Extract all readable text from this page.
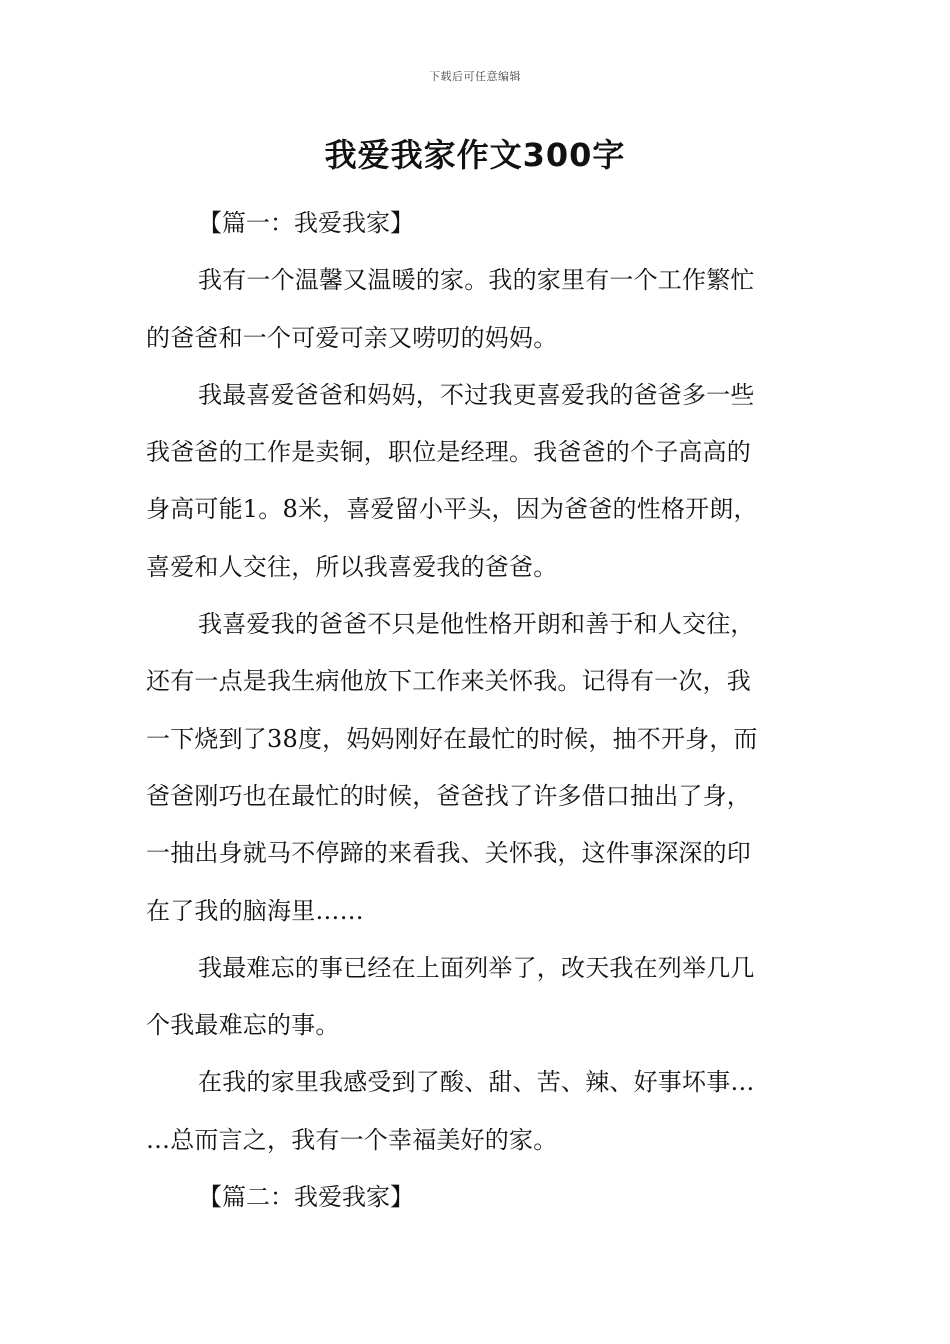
下载后可任意编辑
我爱我家作文300字
【篇一：我爱我家】
我有一个温馨又温暖的家。我的家里有一个工作繁忙
的爸爸和一个可爱可亲又唠叨的妈妈。
我最喜爱爸爸和妈妈，不过我更喜爱我的爸爸多一些
我爸爸的工作是卖铜，职位是经理。我爸爸的个子高高的
身高可能1。8米，喜爱留小平头，因为爸爸的性格开朗，
喜爱和人交往，所以我喜爱我的爸爸。
我喜爱我的爸爸不只是他性格开朗和善于和人交往，
还有一点是我生病他放下工作来关怀我。记得有一次，我
一下烧到了38度，妈妈刚好在最忙的时候，抽不开身，而
爸爸刚巧也在最忙的时候，爸爸找了许多借口抽出了身，
一抽出身就马不停蹄的来看我、关怀我，这件事深深的印
在了我的脑海里……
我最难忘的事已经在上面列举了，改天我在列举几几
个我最难忘的事。
在我的家里我感受到了酸、甜、苦、辣、好事坏事…
…总而言之，我有一个幸福美好的家。
【篇二：我爱我家】
